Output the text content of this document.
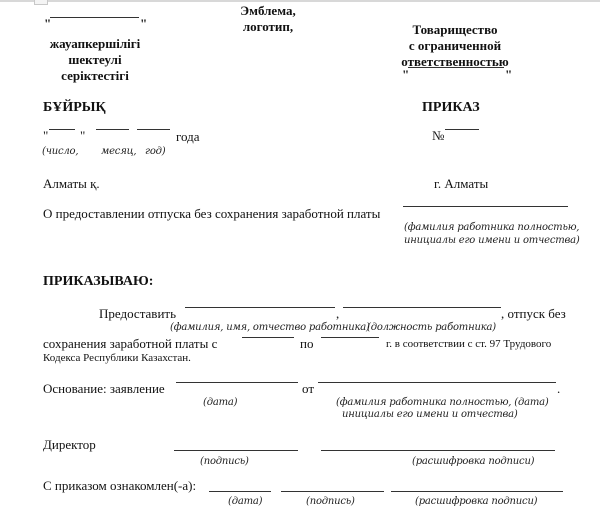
"	"
жауапкершілігі
шектеулі
серіктестігі
Эмблема,
логотип,	Товарищество
с ограниченной
ответственностью
"	"
БҰЙРЫҚ	ПРИКАЗ
" "	года
(число, месяц, год)
№
Алматы қ.	г. Алматы
О предоставлении отпуска без сохранения заработной платы
(фамилия работника полностью,
инициалы его имени и отчества)
ПРИКАЗЫВАЮ:
Предоставить	,	, отпуск без
(фамилия, имя, отчество работника)
(должность работника)
сохранения заработной платы с	по	г. в соответствии с ст. 97 Трудового
Кодекса Республики Казахстан.
Основание: заявление	от	.
(дата)	(фамилия работника полностью, (дата)
инициалы его имени и отчества)
Директор
(подпись)	(расшифровка подписи)
С приказом ознакомлен(-а):
(дата)	(подпись)	(расшифровка подписи)
